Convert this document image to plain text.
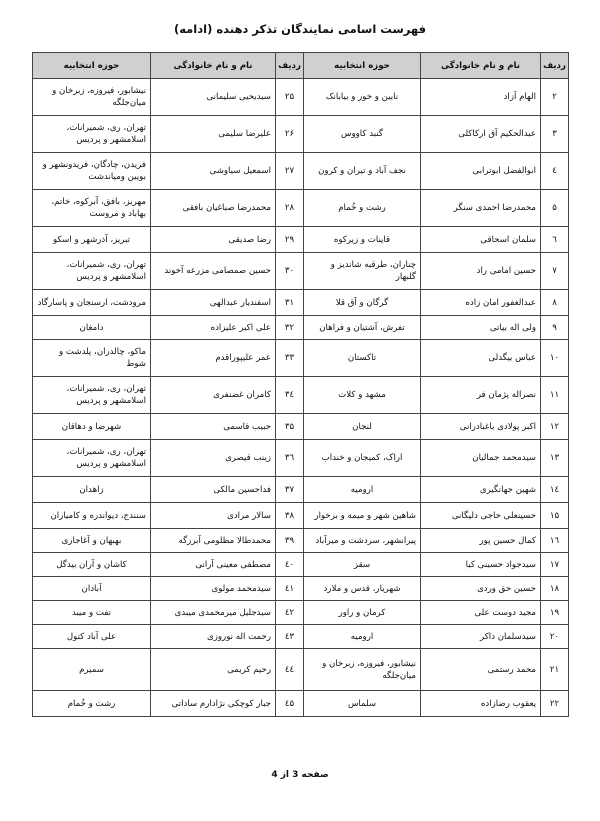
فهرست اسامی نمایندگان تذکر دهنده (ادامه)
ردیف	نام و نام خانوادگی	حوزه انتخابیه	ردیف	نام و نام خانوادگی	حوزه انتخابیه
۲	الهام آزاد	نایین و خور و بیابانک	۲۵	سیدیحیی سلیمانی	نیشابور، فیروزه، زبرخان و میان‌جلگه
۳	عبدالحکیم آق ارکاکلی	گنبد کاووس	۲۶	علیرضا سلیمی	تهران، ری، شمیرانات، اسلامشهر و پردیس
٤	ابوالفضل ابوترابی	نجف آباد و تیران و کرون	۲۷	اسمعیل سیاوشی	فریدن، چادگان، فریدونشهر و بویین ومیاندشت
۵	محمدرضا احمدی سنگر	رشت و خُمام	۲۸	محمدرضا صباغیان بافقی	مهریز، بافق، آبرکوه، خاتم، بهاباد و مروست
٦	سلمان اسحاقی	قاینات و زیرکوه	۲۹	رضا صدیقی	تبریز، آذرشهر و اسکو
۷	حسین امامی راد	چناران، طرقبه شاندیز و گلبهار	۳۰	حسین صمصامی مزرعه آخوند	تهران، ری، شمیرانات، اسلامشهر و پردیس
۸	عبدالغفور امان زاده	گرگان و آق قلا	۳۱	اسفندیار عبدالهی	مرودشت، ارسنجان و پاسارگاد
۹	ولی اله بیاتی	تفرش، آشتیان و فراهان	۳۲	علی اکبر علیزاده	دامغان
۱۰	عباس بیگدلی	تاکستان	۳۳	عمر علیپوراقدم	ماکو، چالدران، پلدشت و شوط
۱۱	نصراله پژمان فر	مشهد و کلات	۳٤	کامران غضنفری	تهران، ری، شمیرانات، اسلامشهر و پردیس
۱۲	اکبر پولادی باغبادرانی	لنجان	۳۵	حبیب قاسمی	شهرضا و دهاقان
۱۳	سیدمحمد جمالیان	اراک، کمیجان و خنداب	۳٦	زینب قیصری	تهران، ری، شمیرانات، اسلامشهر و پردیس
۱٤	شهین جهانگیری	ارومیه	۳۷	فداحسین مالکی	زاهدان
۱۵	حسینعلی حاجی دلیگانی	شاهین شهر و میمه و برخوار	۳۸	سالار مرادی	سنندج، دیواندره و کامیاران
۱٦	کمال حسین پور	پیرانشهر، سردشت و میرآباد	۳۹	محمدطالا مظلومی آبرزگه	بهبهان و آغاجاری
۱۷	سیدجواد حسینی کیا	سقز	٤۰	مصطفی معینی آرانی	کاشان و آران بیدگل
۱۸	حسین حق وردی	شهریار، قدس و ملارد	٤۱	سیدمحمد مولوی	آبادان
۱۹	مجید دوست علی	کرمان و راور	٤۲	سیدجلیل میرمحمدی میبدی	تفت و میبد
۲۰	سیدسلمان ذاکر	ارومیه	٤۳	رحمت اله نوروزی	علی آباد کتول
۲۱	محمد رستمی	نیشابور، فیروزه، زبرخان و میان‌جلگه	٤٤	رحیم کریمی	سمیرم
۲۲	یعقوب رضازاده	سلماس	٤۵	جبار کوچکی نژادارم ساداتی	رشت و خُمام
صفحه 3 از 4
